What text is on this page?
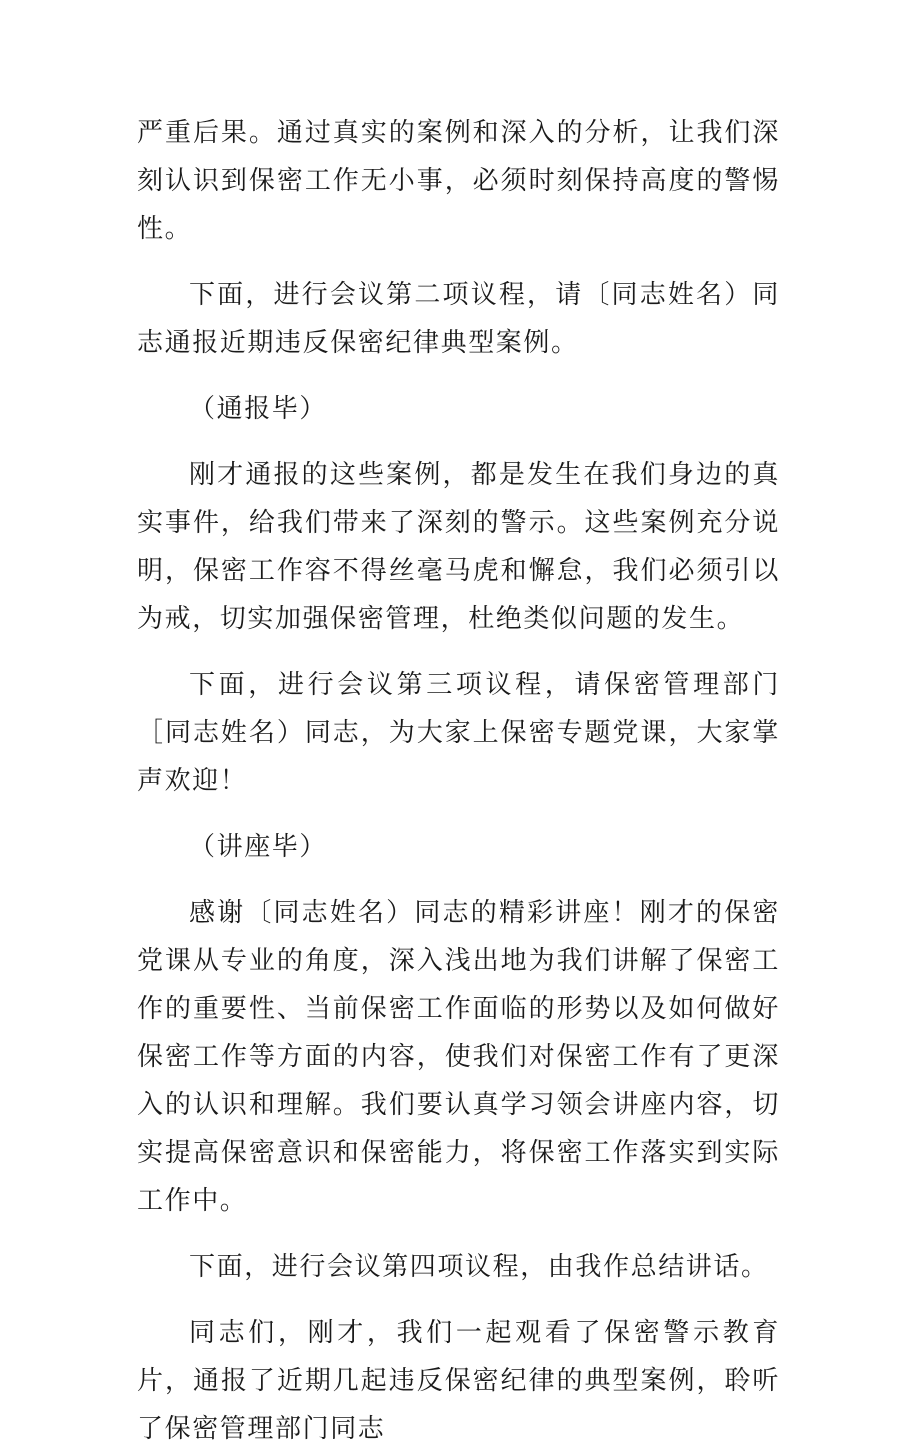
严重后果。通过真实的案例和深入的分析，让我们深刻认识到保密工作无小事，必须时刻保持高度的警惕性。

下面，进行会议第二项议程，请〔同志姓名）同志通报近期违反保密纪律典型案例。

（通报毕）

刚才通报的这些案例，都是发生在我们身边的真实事件，给我们带来了深刻的警示。这些案例充分说明，保密工作容不得丝毫马虎和懈怠，我们必须引以为戒，切实加强保密管理，杜绝类似问题的发生。

下面，进行会议第三项议程，请保密管理部门［同志姓名）同志，为大家上保密专题党课，大家掌声欢迎！

（讲座毕）

感谢〔同志姓名）同志的精彩讲座！刚才的保密党课从专业的角度，深入浅出地为我们讲解了保密工作的重要性、当前保密工作面临的形势以及如何做好保密工作等方面的内容，使我们对保密工作有了更深入的认识和理解。我们要认真学习领会讲座内容，切实提高保密意识和保密能力，将保密工作落实到实际工作中。

下面，进行会议第四项议程，由我作总结讲话。

同志们，刚才，我们一起观看了保密警示教育片，通报了近期几起违反保密纪律的典型案例，聆听了保密管理部门同志
